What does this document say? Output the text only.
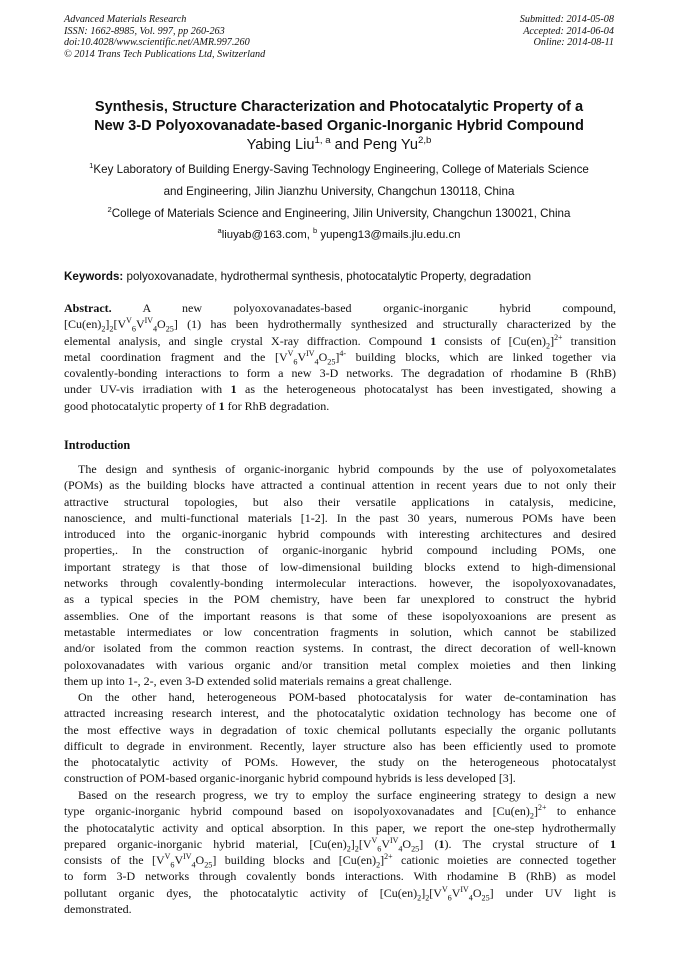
Advanced Materials Research
ISSN: 1662-8985, Vol. 997, pp 260-263
doi:10.4028/www.scientific.net/AMR.997.260
© 2014 Trans Tech Publications Ltd, Switzerland
Submitted: 2014-05-08
Accepted: 2014-06-04
Online: 2014-08-11
Synthesis, Structure Characterization and Photocatalytic Property of a
New 3-D Polyoxovanadate-based Organic-Inorganic Hybrid Compound
Yabing Liu$^{1, a}$ and Peng Yu$^{2,b}$
$^1$Key Laboratory of Building Energy-Saving Technology Engineering, College of Materials Science
and Engineering, Jilin Jianzhu University, Changchun 130118, China
$^2$College of Materials Science and Engineering, Jilin University, Changchun 130021, China
$^a$liuyab@163.com, $^b$ yupeng13@mails.jlu.edu.cn
Keywords: polyoxovanadate, hydrothermal synthesis, photocatalytic Property, degradation
Abstract. A new polyoxovanadates-based organic-inorganic hybrid compound,
$[Cu(en)_2]_2[V^V_6V^{IV}_4O_{25}]$ (1) has been hydrothermally synthesized and structurally characterized by the
elemental analysis, and single crystal X-ray diffraction. Compound 1 consists of $[Cu(en)_2]^{2+}$ transition
metal coordination fragment and the $[V^V_6V^{IV}_4O_{25}]^{4-}$ building blocks, which are linked together via
covalently-bonding interactions to form a new 3-D networks. The degradation of rhodamine B (RhB)
under UV-vis irradiation with 1 as the heterogeneous photocatalyst has been investigated, showing a
good photocatalytic property of 1 for RhB degradation.
Introduction
The design and synthesis of organic-inorganic hybrid compounds by the use of polyoxometalates
(POMs) as the building blocks have attracted a continual attention in recent years due to not only their
attractive structural topologies, but also their versatile applications in catalysis, medicine,
nanoscience, and multi-functional materials [1-2]. In the past 30 years, numerous POMs have been
introduced into the organic-inorganic hybrid compounds with interesting architectures and desired
properties,. In the construction of organic-inorganic hybrid compound including POMs, one
important strategy is that those of low-dimensional building blocks extend to high-dimensional
networks through covalently-bonding intermolecular interactions. however, the isopolyoxovanadates,
as a typical species in the POM chemistry, have been far unexplored to construct the hybrid
assemblies. One of the important reasons is that some of these isopolyoxoanions are present as
metastable intermediates or low concentration fragments in solution, which cannot be stabilized
and/or isolated from the common reaction systems. In contrast, the direct decoration of well-known
poloxovanadates with various organic and/or transition metal complex moieties and then linking
them up into 1-, 2-, even 3-D extended solid materials remains a great challenge.
On the other hand, heterogeneous POM-based photocatalysis for water de-contamination has
attracted increasing research interest, and the photocatalytic oxidation technology has become one of
the most effective ways in degradation of toxic chemical pollutants especially the organic pollutants
difficult to degrade in environment. Recently, layer structure also has been efficiently used to promote
the photocatalytic activity of POMs. However, the study on the heterogeneous photocatalyst
construction of POM-based organic-inorganic hybrid compound hybrids is less developed [3].
Based on the research progress, we try to employ the surface engineering strategy to design a new
type organic-inorganic hybrid compound based on isopolyoxovanadates and $[Cu(en)_2]^{2+}$ to enhance
the photocatalytic activity and optical absorption. In this paper, we report the one-step hydrothermally
prepared organic-inorganic hybrid material, $[Cu(en)_2]_2[V^V_6V^{IV}_4O_{25}]$ (1). The crystal structure of 1
consists of the $[V^V_6V^{IV}_4O_{25}]$ building blocks and $[Cu(en)_2]^{2+}$ cationic moieties are connected together
to form 3-D networks through covalently bonds interactions. With rhodamine B (RhB) as model
pollutant organic dyes, the photocatalytic activity of $[Cu(en)_2]_2[V^V_6V^{IV}_4O_{25}]$ under UV light is
demonstrated.
